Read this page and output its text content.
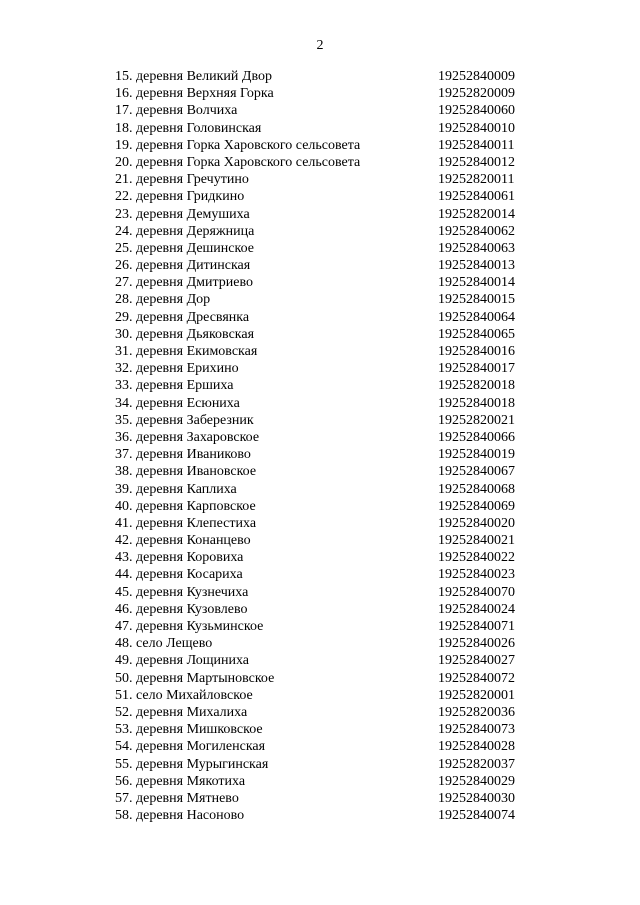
2
15. деревня Великий Двор	19252840009
16. деревня Верхняя Горка	19252820009
17. деревня Волчиха	19252840060
18. деревня Головинская	19252840010
19. деревня Горка Харовского сельсовета	19252840011
20. деревня Горка Харовского сельсовета	19252840012
21. деревня Гречутино	19252820011
22. деревня Гридкино	19252840061
23. деревня Демушиха	19252820014
24. деревня Деряжница	19252840062
25. деревня Дешинское	19252840063
26. деревня Дитинская	19252840013
27. деревня Дмитриево	19252840014
28. деревня Дор	19252840015
29. деревня Дресвянка	19252840064
30. деревня Дьяковская	19252840065
31. деревня Екимовская	19252840016
32. деревня Ерихино	19252840017
33. деревня Ершиха	19252820018
34. деревня Есюниха	19252840018
35. деревня Заберезник	19252820021
36. деревня Захаровское	19252840066
37. деревня Иваниково	19252840019
38. деревня Ивановское	19252840067
39. деревня Каплиха	19252840068
40. деревня Карповское	19252840069
41. деревня Клепестиха	19252840020
42. деревня Конанцево	19252840021
43. деревня Коровиха	19252840022
44. деревня Косариха	19252840023
45. деревня Кузнечиха	19252840070
46. деревня Кузовлево	19252840024
47. деревня Кузьминское	19252840071
48. село Лещево	19252840026
49. деревня Лощиниха	19252840027
50. деревня Мартыновское	19252840072
51. село Михайловское	19252820001
52. деревня Михалиха	19252820036
53. деревня Мишковское	19252840073
54. деревня Могиленская	19252840028
55. деревня Мурыгинская	19252820037
56. деревня Мякотиха	19252840029
57. деревня Мятнево	19252840030
58. деревня Насоново	19252840074
